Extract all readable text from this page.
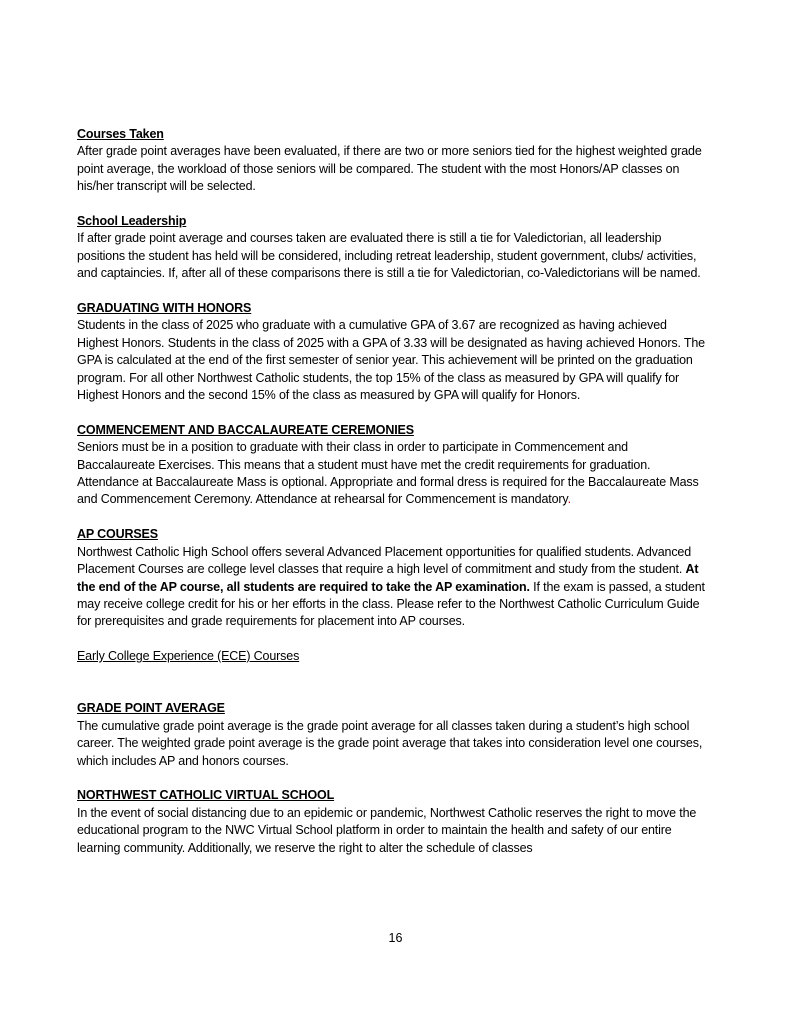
Courses Taken
After grade point averages have been evaluated, if there are two or more seniors tied for the highest weighted grade point average, the workload of those seniors will be compared. The student with the most Honors/AP classes on his/her transcript will be selected.
School Leadership
If after grade point average and courses taken are evaluated there is still a tie for Valedictorian, all leadership positions the student has held will be considered, including retreat leadership, student government, clubs/ activities, and captaincies. If, after all of these comparisons there is still a tie for Valedictorian, co-Valedictorians will be named.
GRADUATING WITH HONORS
Students in the class of 2025 who graduate with a cumulative GPA of 3.67 are recognized as having achieved Highest Honors. Students in the class of 2025 with a GPA of 3.33 will be designated as having achieved Honors. The GPA is calculated at the end of the first semester of senior year. This achievement will be printed on the graduation program. For all other Northwest Catholic students, the top 15% of the class as measured by GPA will qualify for Highest Honors and the second 15% of the class as measured by GPA will qualify for Honors.
COMMENCEMENT AND BACCALAUREATE CEREMONIES
Seniors must be in a position to graduate with their class in order to participate in Commencement and Baccalaureate Exercises. This means that a student must have met the credit requirements for graduation. Attendance at Baccalaureate Mass is optional. Appropriate and formal dress is required for the Baccalaureate Mass and Commencement Ceremony. Attendance at rehearsal for Commencement is mandatory.
AP COURSES
Northwest Catholic High School offers several Advanced Placement opportunities for qualified students. Advanced Placement Courses are college level classes that require a high level of commitment and study from the student. At the end of the AP course, all students are required to take the AP examination. If the exam is passed, a student may receive college credit for his or her efforts in the class. Please refer to the Northwest Catholic Curriculum Guide for prerequisites and grade requirements for placement into AP courses.
Early College Experience (ECE) Courses
GRADE POINT AVERAGE
The cumulative grade point average is the grade point average for all classes taken during a student’s high school career. The weighted grade point average is the grade point average that takes into consideration level one courses, which includes AP and honors courses.
NORTHWEST CATHOLIC VIRTUAL SCHOOL
In the event of social distancing due to an epidemic or pandemic, Northwest Catholic reserves the right to move the educational program to the NWC Virtual School platform in order to maintain the health and safety of our entire learning community. Additionally, we reserve the right to alter the schedule of classes
16
